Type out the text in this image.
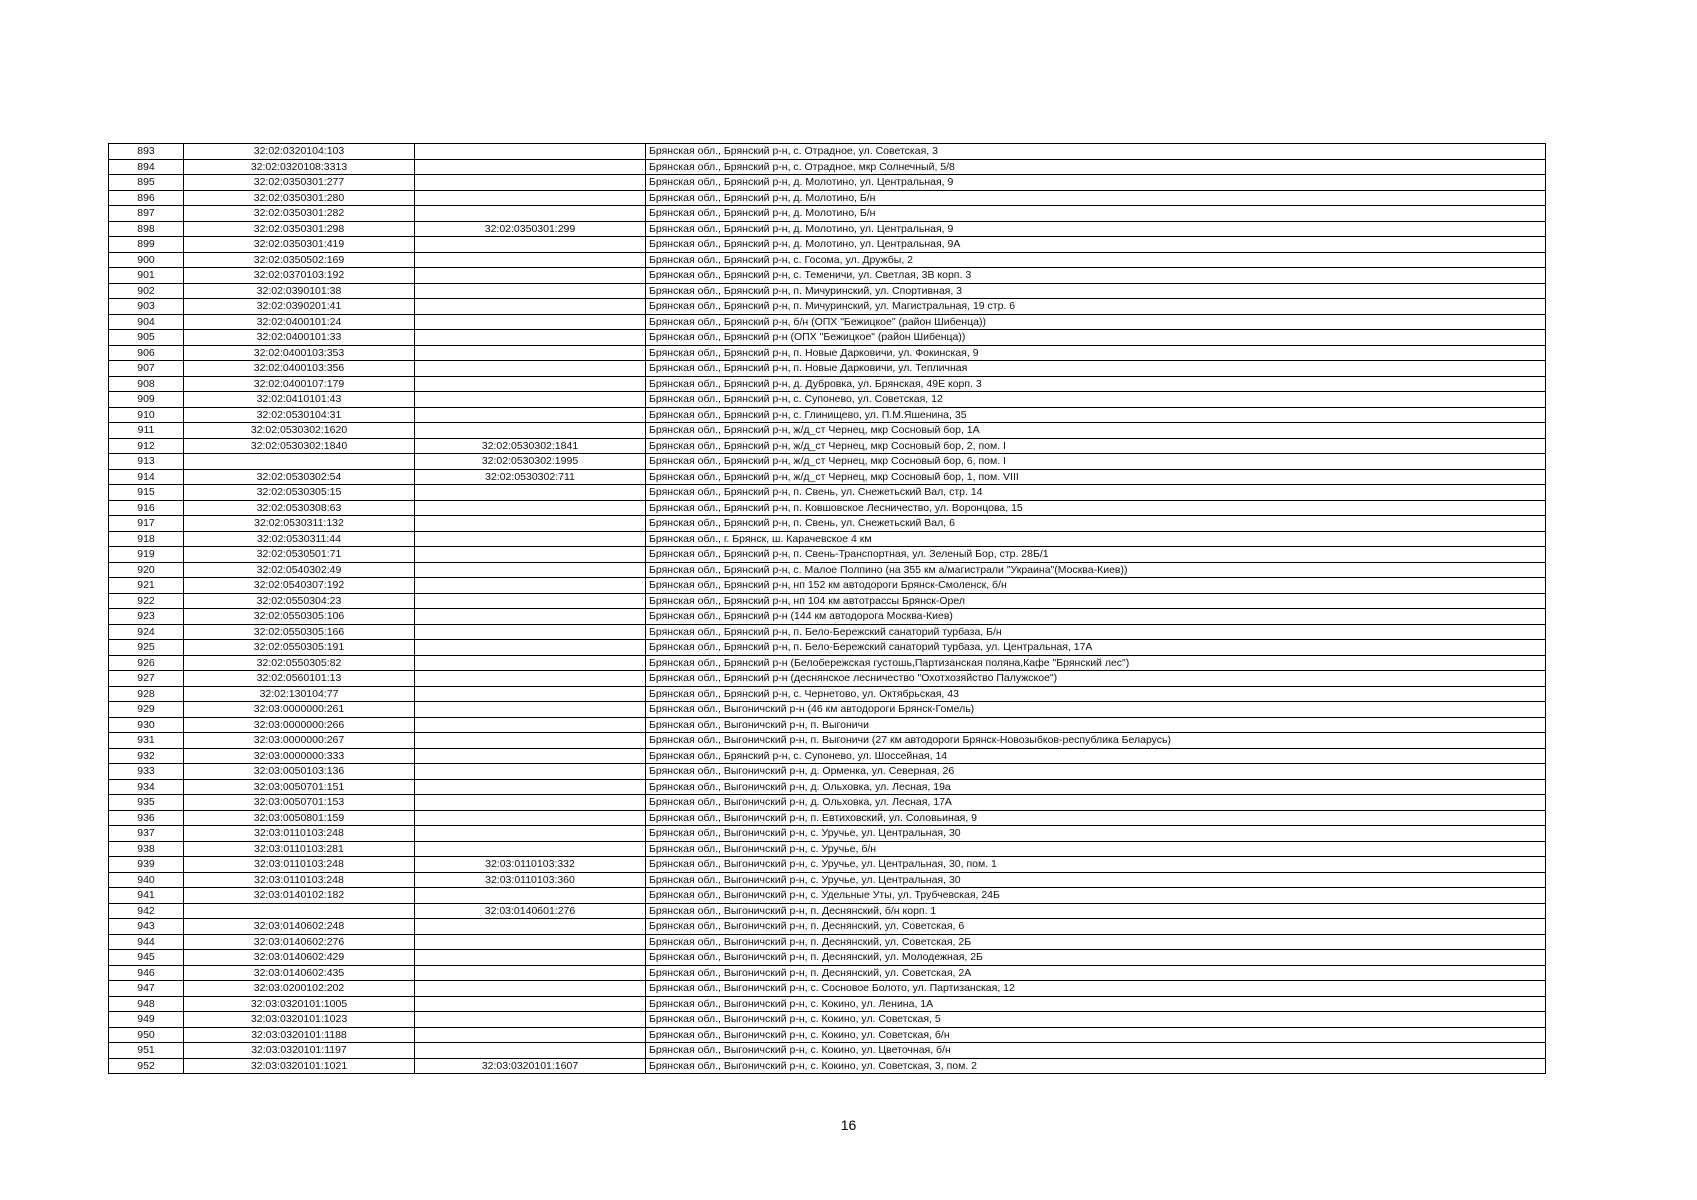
893	32:02:0320104:103		Брянская обл., Брянский р-н, с. Отрадное, ул. Советская, 3
894	32:02:0320108:3313		Брянская обл., Брянский р-н, с. Отрадное, мкр Солнечный, 5/8
895	32:02:0350301:277		Брянская обл., Брянский р-н, д. Молотино, ул. Центральная, 9
896	32:02:0350301:280		Брянская обл., Брянский р-н, д. Молотино, Б/н
897	32:02:0350301:282		Брянская обл., Брянский р-н, д. Молотино, Б/н
898	32:02:0350301:298	32:02:0350301:299	Брянская обл., Брянский р-н, д. Молотино, ул. Центральная, 9
899	32:02:0350301:419		Брянская обл., Брянский р-н, д. Молотино, ул. Центральная, 9А
900	32:02:0350502:169		Брянская обл., Брянский р-н, с. Госома, ул. Дружбы, 2
901	32:02:0370103:192		Брянская обл., Брянский р-н, с. Теменичи, ул. Светлая, 3В корп. 3
902	32:02:0390101:38		Брянская обл., Брянский р-н, п. Мичуринский, ул. Спортивная, 3
903	32:02:0390201:41		Брянская обл., Брянский р-н, п. Мичуринский, ул. Магистральная, 19 стр. 6
904	32:02:0400101:24		Брянская обл., Брянский р-н, б/н (ОПХ "Бежицкое" (район Шибенца))
905	32:02:0400101:33		Брянская обл., Брянский р-н (ОПХ "Бежицкое" (район Шибенца))
906	32:02:0400103:353		Брянская обл., Брянский р-н, п. Новые Дарковичи, ул. Фокинская, 9
907	32:02:0400103:356		Брянская обл., Брянский р-н, п. Новые Дарковичи, ул. Тепличная
908	32:02:0400107:179		Брянская обл., Брянский р-н, д. Дубровка, ул. Брянская, 49Е корп. 3
909	32:02:0410101:43		Брянская обл., Брянский р-н, с. Супонево, ул. Советская, 12
910	32:02:0530104:31		Брянская обл., Брянский р-н, с. Глинищево, ул. П.М.Яшенина, 35
911	32:02:0530302:1620		Брянская обл., Брянский р-н, ж/д_ст Чернец, мкр Сосновый бор, 1А
912	32:02:0530302:1840	32:02:0530302:1841	Брянская обл., Брянский р-н, ж/д_ст Чернец, мкр Сосновый бор, 2, пом. I
913		32:02:0530302:1995	Брянская обл., Брянский р-н, ж/д_ст Чернец, мкр Сосновый бор, 6, пом. I
914	32:02:0530302:54	32:02:0530302:711	Брянская обл., Брянский р-н, ж/д_ст Чернец, мкр Сосновый бор, 1, пом. VIII
915	32:02:0530305:15		Брянская обл., Брянский р-н, п. Свень, ул. Снежетьский Вал, стр. 14
916	32:02:0530308:63		Брянская обл., Брянский р-н, п. Ковшовское Лесничество, ул. Воронцова, 15
917	32:02:0530311:132		Брянская обл., Брянский р-н, п. Свень, ул. Снежетьский Вал, 6
918	32:02:0530311:44		Брянская обл., г. Брянск, ш. Карачевское 4 км
919	32:02:0530501:71		Брянская обл., Брянский р-н, п. Свень-Транспортная, ул. Зеленый Бор, стр. 28Б/1
920	32:02:0540302:49		Брянская обл., Брянский р-н, с. Малое Полпино (на 355 км а/магистрали "Украина"(Москва-Киев))
921	32:02:0540307:192		Брянская обл., Брянский р-н, нп 152 км автодороги Брянск-Смоленск, б/н
922	32:02:0550304:23		Брянская обл., Брянский р-н, нп 104 км автотрассы Брянск-Орел
923	32:02:0550305:106		Брянская обл., Брянский р-н (144 км автодорога Москва-Киев)
924	32:02:0550305:166		Брянская обл., Брянский р-н, п. Бело-Бережский санаторий турбаза, Б/н
925	32:02:0550305:191		Брянская обл., Брянский р-н, п. Бело-Бережский санаторий турбаза, ул. Центральная, 17А
926	32:02:0550305:82		Брянская обл., Брянский р-н (Белобережская густошь,Партизанская поляна,Кафе "Брянский лес")
927	32:02:0560101:13		Брянская обл., Брянский р-н (деснянское лесничество "Охотхозяйство Палужское")
928	32:02:130104:77		Брянская обл., Брянский р-н, с. Чернетово, ул. Октябрьская, 43
929	32:03:0000000:261		Брянская обл., Выгоничский р-н (46 км автодороги Брянск-Гомель)
930	32:03:0000000:266		Брянская обл., Выгоничский р-н, п. Выгоничи
931	32:03:0000000:267		Брянская обл., Выгоничский р-н, п. Выгоничи (27 км автодороги Брянск-Новозыбков-республика Беларусь)
932	32:03:0000000:333		Брянская обл., Брянский р-н, с. Супонево, ул. Шоссейная, 14
933	32:03:0050103:136		Брянская обл., Выгоничский р-н, д. Орменка, ул. Северная, 26
934	32:03:0050701:151		Брянская обл., Выгоничский р-н, д. Ольховка, ул. Лесная, 19а
935	32:03:0050701:153		Брянская обл., Выгоничский р-н, д. Ольховка, ул. Лесная, 17А
936	32:03:0050801:159		Брянская обл., Выгоничский р-н, п. Евтиховский, ул. Соловьиная, 9
937	32:03:0110103:248		Брянская обл., Выгоничский р-н, с. Уручье, ул. Центральная, 30
938	32:03:0110103:281		Брянская обл., Выгоничский р-н, с. Уручье, б/н
939	32:03:0110103:248	32:03:0110103:332	Брянская обл., Выгоничский р-н, с. Уручье, ул. Центральная, 30, пом. 1
940	32:03:0110103:248	32:03:0110103:360	Брянская обл., Выгоничский р-н, с. Уручье, ул. Центральная, 30
941	32:03:0140102:182		Брянская обл., Выгоничский р-н, с. Удельные Уты, ул. Трубчевская, 24Б
942		32:03:0140601:276	Брянская обл., Выгоничский р-н, п. Деснянский, б/н корп. 1
943	32:03:0140602:248		Брянская обл., Выгоничский р-н, п. Деснянский, ул. Советская, 6
944	32:03:0140602:276		Брянская обл., Выгоничский р-н, п. Деснянский, ул. Советская, 2Б
945	32:03:0140602:429		Брянская обл., Выгоничский р-н, п. Деснянский, ул. Молодежная, 2Б
946	32:03:0140602:435		Брянская обл., Выгоничский р-н, п. Деснянский, ул. Советская, 2А
947	32:03:0200102:202		Брянская обл., Выгоничский р-н, с. Сосновое Болото, ул. Партизанская, 12
948	32:03:0320101:1005		Брянская обл., Выгоничский р-н, с. Кокино, ул. Ленина, 1А
949	32:03:0320101:1023		Брянская обл., Выгоничский р-н, с. Кокино, ул. Советская, 5
950	32:03:0320101:1188		Брянская обл., Выгоничский р-н, с. Кокино, ул. Советская, б/н
951	32:03:0320101:1197		Брянская обл., Выгоничский р-н, с. Кокино, ул. Цветочная, б/н
952	32:03:0320101:1021	32:03:0320101:1607	Брянская обл., Выгоничский р-н, с. Кокино, ул. Советская, 3, пом. 2
16
